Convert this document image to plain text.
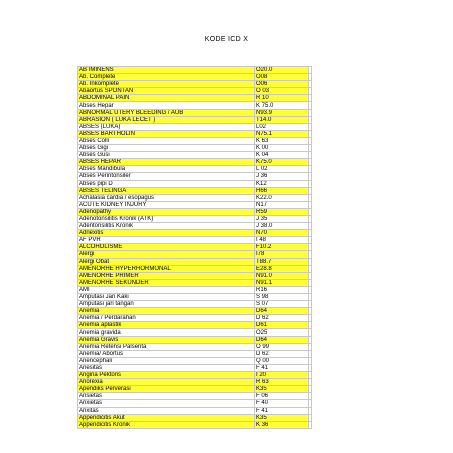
KODE ICD X
AB IMINENS	O20.0	
Ab. Complete	O08	
Ab. Inkomplete	O06	
Abaortus SPONTAN	O 03	
ABDOMINAL PAIN	R 10	
Abses Hepar	K 75.0	
ABNORMAL UTERY BLEEDING / AUB	N93.9	
ABRASION ( LUKA LECET )	T14.0	
ABSES (LUKA)	L02	
ABSES BARTHOLIN	N75.1	
Abses Colli	K 63	
Abses Gigi	K 00	
Abses Gusi	K 04	
ABSES HEPAR	K75.0	
Abses Mandibula	L 02	
Abses Perintonsiler	J 36	
Abses pipi D	K12	
ABSES TELINGA	H66	
Achalasia cardia / esopagus	K22.0	
ACUTE KIDNEY INJURY	N17	
Adenopathy	R59	
Adenotonsilitis Kronik (ATK)	J 35	
Adentonsilitis Kronik	J 38.0	
Adnexitis	N70	
AF PVR	I 48	
ALCOHOLISME	F10.2	
Alergi	I78	
Alergi Obat	T88.7	
AMENORHE HYPERHORMONAL	E28.8	
AMENORHE PRIMER	N91.0	
AMENORHE SEKUNDER	N91.1	
AMI	R16	
Amputasi Jari Kaki	S 98	
Amputasi jari tangan	S 07	
Anemia	D64	
Anemia / Perdarahan	D 62	
Anemia aplastik	D61	
Anemia gravida	O25	
Anemia Gravis	D64	
Anemia Retensi Palsenta	O 99	
Anemia/ Abortus	D 62	
Anencephali	Q 00	
Anesitas	F 41	
Angina Pektoris	I 20	
Anorexia	R 63	
Apendiks Perverasi	K35	
Ansietas	F 06	
Anxietas	F 40	
Anxitas	F 41	
Appendicitis Akut	K35	
Appendicitis Kronik	K 36	
